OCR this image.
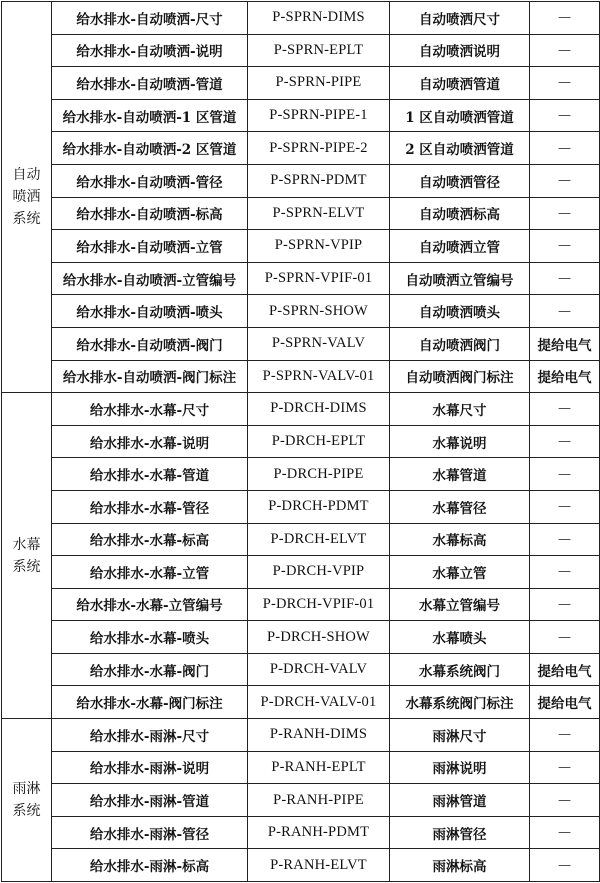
自动
喷洒
系统	给水排水-自动喷洒-尺寸	P-SPRN-DIMS	自动喷洒尺寸	—
	给水排水-自动喷洒-说明	P-SPRN-EPLT	自动喷洒说明	—
	给水排水-自动喷洒-管道	P-SPRN-PIPE	自动喷洒管道	—
	给水排水-自动喷洒-1 区管道	P-SPRN-PIPE-1	1 区自动喷洒管道	—
	给水排水-自动喷洒-2 区管道	P-SPRN-PIPE-2	2 区自动喷洒管道	—
	给水排水-自动喷洒-管径	P-SPRN-PDMT	自动喷洒管径	—
	给水排水-自动喷洒-标高	P-SPRN-ELVT	自动喷洒标高	—
	给水排水-自动喷洒-立管	P-SPRN-VPIP	自动喷洒立管	—
	给水排水-自动喷洒-立管编号	P-SPRN-VPIF-01	自动喷洒立管编号	—
	给水排水-自动喷洒-喷头	P-SPRN-SHOW	自动喷洒喷头	—
	给水排水-自动喷洒-阀门	P-SPRN-VALV	自动喷洒阀门	提给电气
	给水排水-自动喷洒-阀门标注	P-SPRN-VALV-01	自动喷洒阀门标注	提给电气

水幕
系统	给水排水-水幕-尺寸	P-DRCH-DIMS	水幕尺寸	—
	给水排水-水幕-说明	P-DRCH-EPLT	水幕说明	—
	给水排水-水幕-管道	P-DRCH-PIPE	水幕管道	—
	给水排水-水幕-管径	P-DRCH-PDMT	水幕管径	—
	给水排水-水幕-标高	P-DRCH-ELVT	水幕标高	—
	给水排水-水幕-立管	P-DRCH-VPIP	水幕立管	—
	给水排水-水幕-立管编号	P-DRCH-VPIF-01	水幕立管编号	—
	给水排水-水幕-喷头	P-DRCH-SHOW	水幕喷头	—
	给水排水-水幕-阀门	P-DRCH-VALV	水幕系统阀门	提给电气
	给水排水-水幕-阀门标注	P-DRCH-VALV-01	水幕系统阀门标注	提给电气

雨淋
系统	给水排水-雨淋-尺寸	P-RANH-DIMS	雨淋尺寸	—
	给水排水-雨淋-说明	P-RANH-EPLT	雨淋说明	—
	给水排水-雨淋-管道	P-RANH-PIPE	雨淋管道	—
	给水排水-雨淋-管径	P-RANH-PDMT	雨淋管径	—
	给水排水-雨淋-标高	P-RANH-ELVT	雨淋标高	—
